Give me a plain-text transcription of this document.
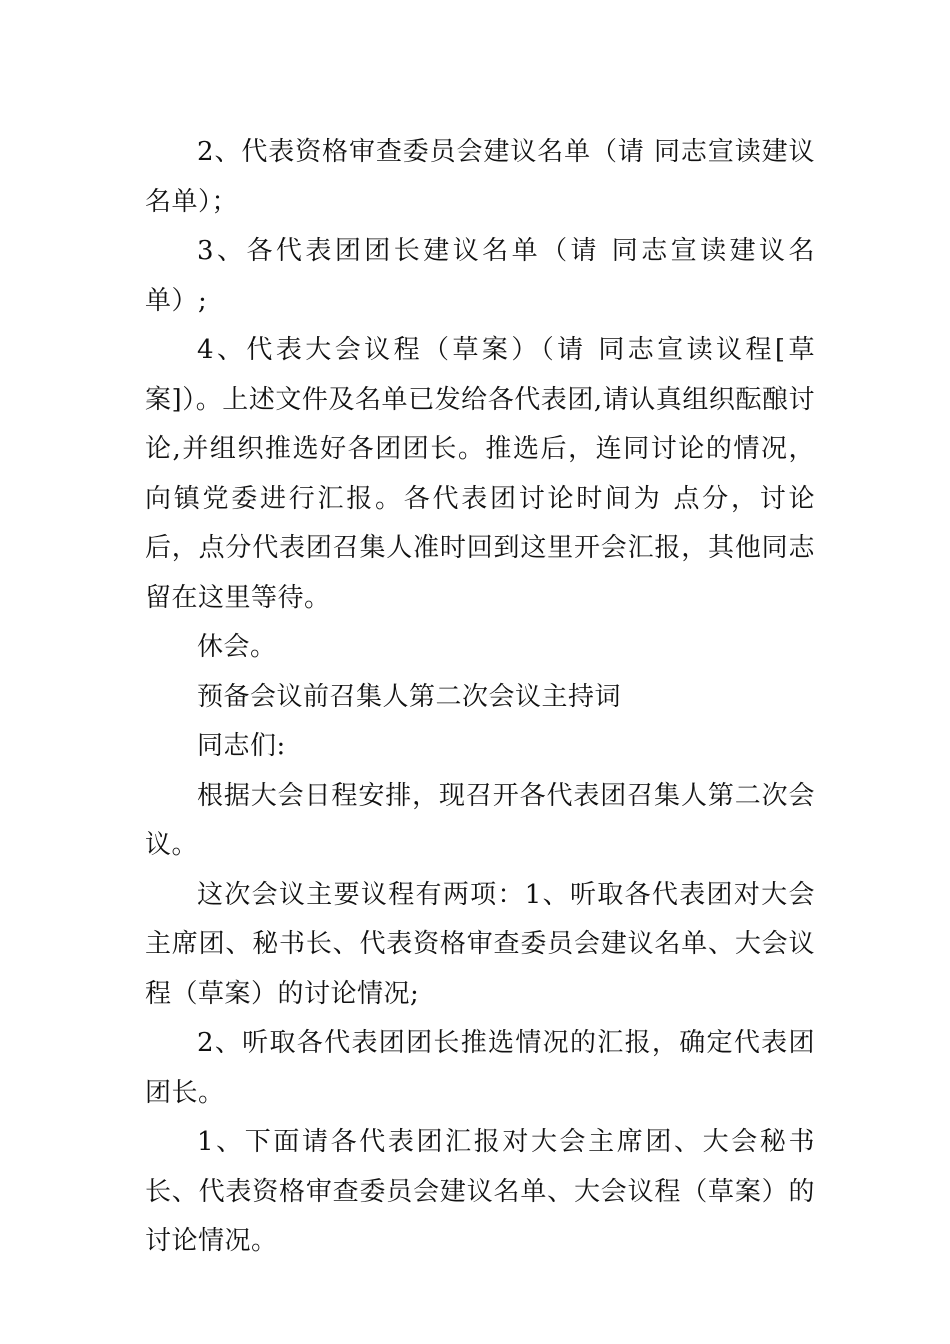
2、代表资格审查委员会建议名单（请 同志宣读建议名单）；

3、各代表团团长建议名单（请 同志宣读建议名单）;

4、代表大会议程（草案）（请 同志宣读议程[草案]）。上述文件及名单已发给各代表团,请认真组织酝酿讨论,并组织推选好各团团长。推选后，连同讨论的情况，向镇党委进行汇报。各代表团讨论时间为 点分，讨论后，点分代表团召集人准时回到这里开会汇报，其他同志留在这里等待。

休会。

预备会议前召集人第二次会议主持词

同志们:

根据大会日程安排，现召开各代表团召集人第二次会议。

这次会议主要议程有两项：1、听取各代表团对大会主席团、秘书长、代表资格审查委员会建议名单、大会议程（草案）的讨论情况;

2、听取各代表团团长推选情况的汇报，确定代表团团长。

1、下面请各代表团汇报对大会主席团、大会秘书长、代表资格审查委员会建议名单、大会议程（草案）的讨论情况。
